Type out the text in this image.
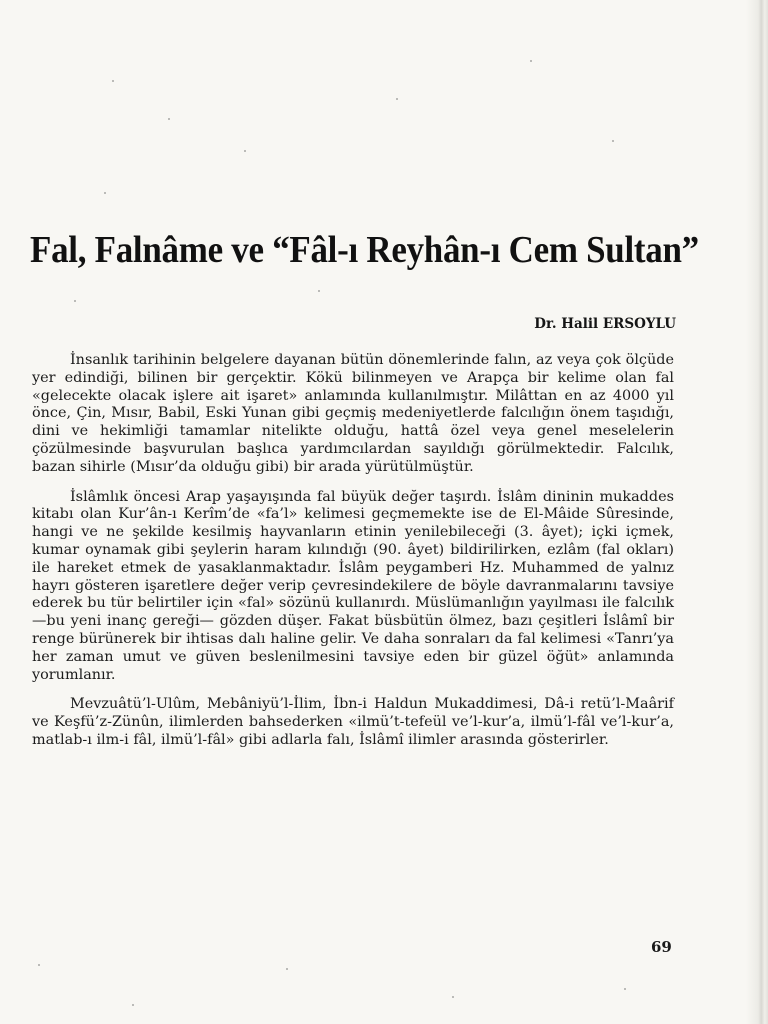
Fal, Falnâme ve “Fâl-ı Reyhân-ı Cem Sultan”
Dr. Halil ERSOYLU

İnsanlık tarihinin belgelere dayanan bütün dönemlerinde falın, az veya çok ölçüde yer edindiği, bilinen bir gerçektir. Kökü bilinmeyen ve Arapça bir kelime olan fal «gelecekte olacak işlere ait işaret» anlamında kullanılmıştır. Milâttan en az 4000 yıl önce, Çin, Mısır, Babil, Eski Yunan gibi geçmiş medeniyetlerde falcılığın önem taşıdığı, dini ve hekimliği tamamlar nitelikte olduğu, hattâ özel veya genel meselelerin çözülmesinde başvurulan başlıca yardımcılardan sayıldığı görülmektedir. Falcılık, bazan sihirle (Mısır’da olduğu gibi) bir arada yürütülmüştür.

İslâmlık öncesi Arap yaşayışında fal büyük değer taşırdı. İslâm dininin mukaddes kitabı olan Kur’ân-ı Kerîm’de «fa’l» kelimesi geçmemekte ise de El-Mâide Sûresinde, hangi ve ne şekilde kesilmiş hayvanların etinin yenilebileceği (3. âyet); içki içmek, kumar oynamak gibi şeylerin haram kılındığı (90. âyet) bildirilirken, ezlâm (fal okları) ile hareket etmek de yasaklanmaktadır. İslâm peygamberi Hz. Muhammed de yalnız hayrı gösteren işaretlere değer verip çevresindekilere de böyle davranmalarını tavsiye ederek bu tür belirtiler için «fal» sözünü kullanırdı. Müslümanlığın yayılması ile falcılık —bu yeni inanç gereği— gözden düşer. Fakat büsbütün ölmez, bazı çeşitleri İslâmî bir renge bürünerek bir ihtisas dalı haline gelir. Ve daha sonraları da fal kelimesi «Tanrı’ya her zaman umut ve güven beslenilmesini tavsiye eden bir güzel öğüt» anlamında yorumlanır.

Mevzuâtü’l-Ulûm, Mebâniyü’l-İlim, İbn-i Haldun Mukaddimesi, Dâ-i retü’l-Maârif ve Keşfü’z-Zünûn, ilimlerden bahsederken «ilmü’t-tefeül ve’l-kur’a, ilmü’l-fâl ve’l-kur’a, matlab-ı ilm-i fâl, ilmü’l-fâl» gibi adlarla falı, İslâmî ilimler arasında gösterirler.

69
